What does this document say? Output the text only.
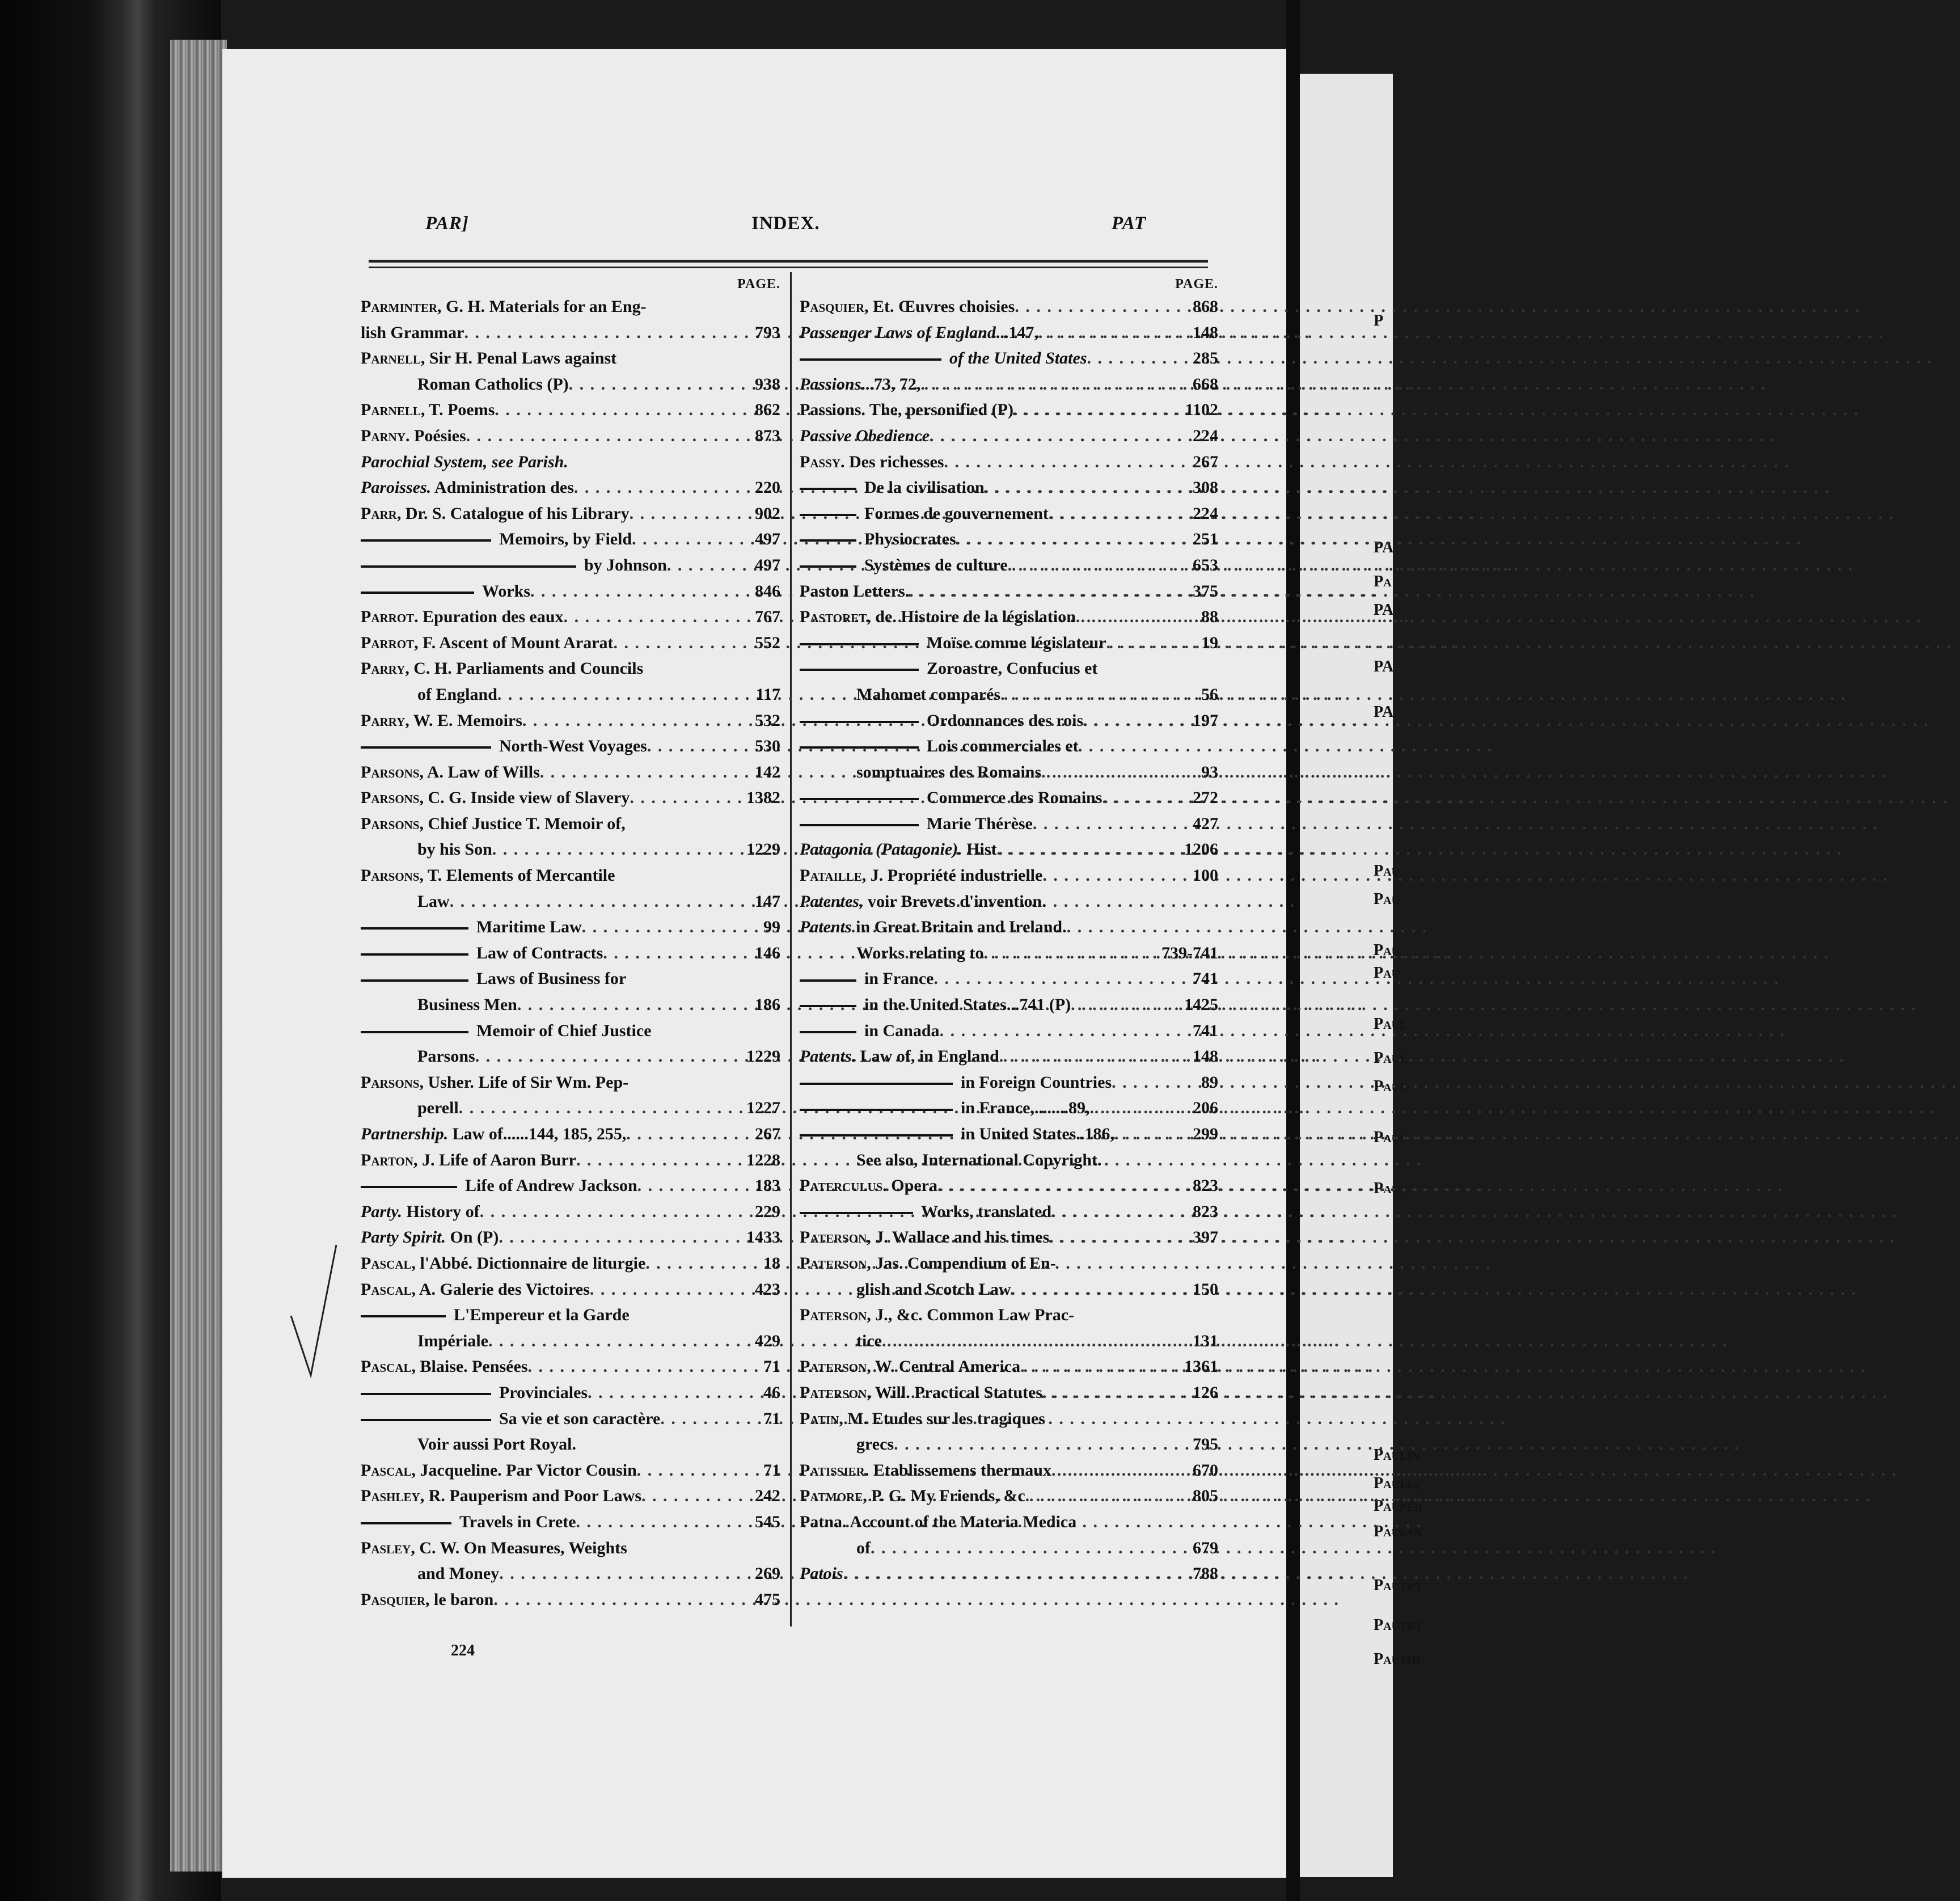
P
PA
Pa
PA
PA
PA
Pau
Pau
Pau
Pau
Paul
Paul
Paul
Paul
Paul
Paulin
Paull,
Paupér
Pausan
Pautet
Pautet
Pauthi
PAR]	INDEX.	PAT
PAGE.
Parminter, G. H. Materials for an Eng-
lish Grammar . . .	793
Parnell, Sir H. Penal Laws against
Roman Catholics (P) . . .	938
Parnell, T. Poems . . .	862
Parny. Poésies . . .	873
Parochial System, see Parish.
Paroisses. Administration des . . .	220
Parr, Dr. S. Catalogue of his Library . . .	902
Memoirs, by Field . . .	497
by Johnson . . .	497
Works . . .	846
Parrot. Epuration des eaux . . .	767
Parrot, F. Ascent of Mount Ararat . . .	552
Parry, C. H. Parliaments and Councils
of England . . .	117
Parry, W. E. Memoirs . . .	532
North-West Voyages . . .	530
Parsons, A. Law of Wills . . .	142
Parsons, C. G. Inside view of Slavery . . .	1382
Parsons, Chief Justice T. Memoir of,
by his Son . . .	1229
Parsons, T. Elements of Mercantile
Law . . .	147
Maritime Law . . .	99
Law of Contracts . . .	146
Laws of Business for
Business Men . . .	186
Memoir of Chief Justice
Parsons . . .	1229
Parsons, Usher. Life of Sir Wm. Pep-
perell . . .	1227
Partnership. Law of......144, 185, 255, . . .	267
Parton, J. Life of Aaron Burr . . .	1228
Life of Andrew Jackson . . .	183
Party. History of . . .	229
Party Spirit. On (P) . . .	1433
Pascal, l'Abbé. Dictionnaire de liturgie . . .	18
Pascal, A. Galerie des Victoires . . .	423
L'Empereur et la Garde
Impériale . . .	429
Pascal, Blaise. Pensées . . .	71
Provinciales . . .	46
Sa vie et son caractère . . .	71
Voir aussi Port Royal.
Pascal, Jacqueline. Par Victor Cousin . . .	71
Pashley, R. Pauperism and Poor Laws . . .	242
Travels in Crete . . .	545
Pasley, C. W. On Measures, Weights
and Money . . .	269
Pasquier, le baron . . .	475
PAGE.
Pasquier, Et. Œuvres choisies . . .	868
Passenger Laws of England...147, . . .	148
of the United States . . .	285
Passions...73, 72, . . .	668
Passions. The, personified (P) . . .	1102
Passive Obedience . . .	224
Passy. Des richesses . . .	267
De la civilisation . . .	308
Formes de gouvernement . . .	224
Physiocrates . . .	251
Systèmes de culture . . .	653
Paston Letters. . . .	375
Pastoret, de. Histoire de la législation . . .	88
Moïse comme législateur . . .	19
Zoroastre, Confucius et
Mahomet comparés . . .	56
Ordonnances des rois . . .	197
Lois commerciales et
somptuaires des Romains . . .	93
Commerce des Romains . . .	272
Marie Thérèse . . .	427
Patagonia (Patagonie). Hist . . .	1206
Pataille, J. Propriété industrielle . . .	100
Patentes, voir Brevets d'invention.
Patents in Great Britain and Ireland.
Works relating to . . .	739-741
in France . . .	741
in the United States...741 (P) . . .	1425
in Canada . . .	741
Patents. Law of, in England . . .	148
in Foreign Countries . . .	89
in France,........89, . . .	206
in United States..186, . . .	299
See also, International Copyright.
Paterculus. Opera . . .	823
Works, translated . . .	823
Paterson, J. Wallace and his times . . .	397
Paterson, Jas. Compendium of En-
glish and Scotch Law . . .	150
Paterson, J., &c. Common Law Prac-
tice . . .	131
Paterson, W. Central America . . .	1361
Paterson, Will. Practical Statutes . . .	126
Patin, M. Etudes sur les tragiques
grecs . . .	795
Patissier. Etablissemens thermaux . . .	670
Patmore, P. G. My Friends, &c . . .	805
Patna. Account of the Materia Medica
of . . .	679
Patois . . .	788
224
